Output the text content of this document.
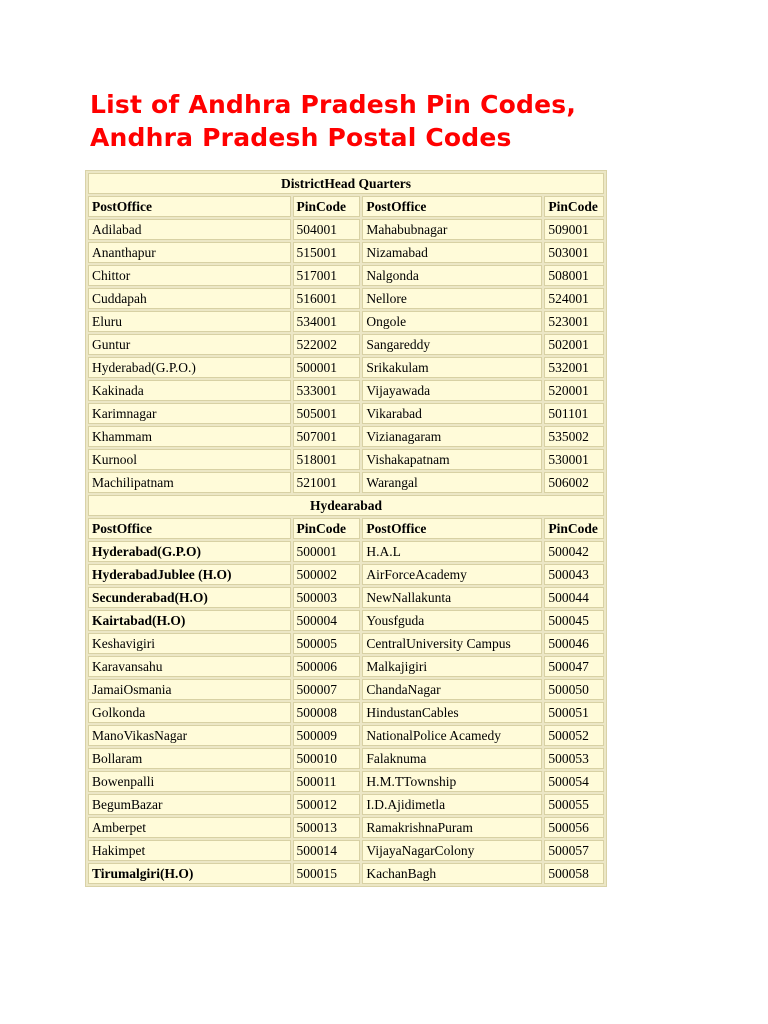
List of Andhra Pradesh Pin Codes,
Andhra Pradesh Postal Codes
DistrictHead Quarters			
PostOffice	PinCode	PostOffice	PinCode
Adilabad	504001	Mahabubnagar	509001
Ananthapur	515001	Nizamabad	503001
Chittor	517001	Nalgonda	508001
Cuddapah	516001	Nellore	524001
Eluru	534001	Ongole	523001
Guntur	522002	Sangareddy	502001
Hyderabad(G.P.O.)	500001	Srikakulam	532001
Kakinada	533001	Vijayawada	520001
Karimnagar	505001	Vikarabad	501101
Khammam	507001	Vizianagaram	535002
Kurnool	518001	Vishakapatnam	530001
Machilipatnam	521001	Warangal	506002
Hydearabad			
PostOffice	PinCode	PostOffice	PinCode
Hyderabad(G.P.O)	500001	H.A.L	500042
HyderabadJublee (H.O)	500002	AirForceAcademy	500043
Secunderabad(H.O)	500003	NewNallakunta	500044
Kairtabad(H.O)	500004	Yousfguda	500045
Keshavigiri	500005	CentralUniversity Campus	500046
Karavansahu	500006	Malkajigiri	500047
JamaiOsmania	500007	ChandaNagar	500050
Golkonda	500008	HindustanCables	500051
ManoVikasNagar	500009	NationalPolice Acamedy	500052
Bollaram	500010	Falaknuma	500053
Bowenpalli	500011	H.M.TTownship	500054
BegumBazar	500012	I.D.Ajidimetla	500055
Amberpet	500013	RamakrishnaPuram	500056
Hakimpet	500014	VijayaNagarColony	500057
Tirumalgiri(H.O)	500015	KachanBagh	500058
